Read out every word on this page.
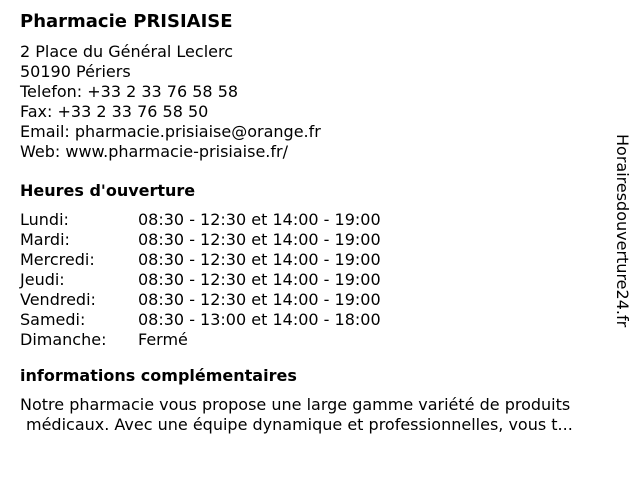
Pharmacie PRISIAISE
2 Place du Général Leclerc
50190 Périers
Telefon: +33 2 33 76 58 58
Fax: +33 2 33 76 58 50
Email: pharmacie.prisiaise@orange.fr
Web: www.pharmacie-prisiaise.fr/
Heures d'ouverture
Lundi:	08:30 - 12:30 et 14:00 - 19:00
Mardi:	08:30 - 12:30 et 14:00 - 19:00
Mercredi:	08:30 - 12:30 et 14:00 - 19:00
Jeudi:	08:30 - 12:30 et 14:00 - 19:00
Vendredi:	08:30 - 12:30 et 14:00 - 19:00
Samedi:	08:30 - 13:00 et 14:00 - 18:00
Dimanche:	Fermé
informations complémentaires
Notre pharmacie vous propose une large gamme variété de produits
médicaux. Avec une équipe dynamique et professionnelles, vous t...
Horairesdouverture24.fr
